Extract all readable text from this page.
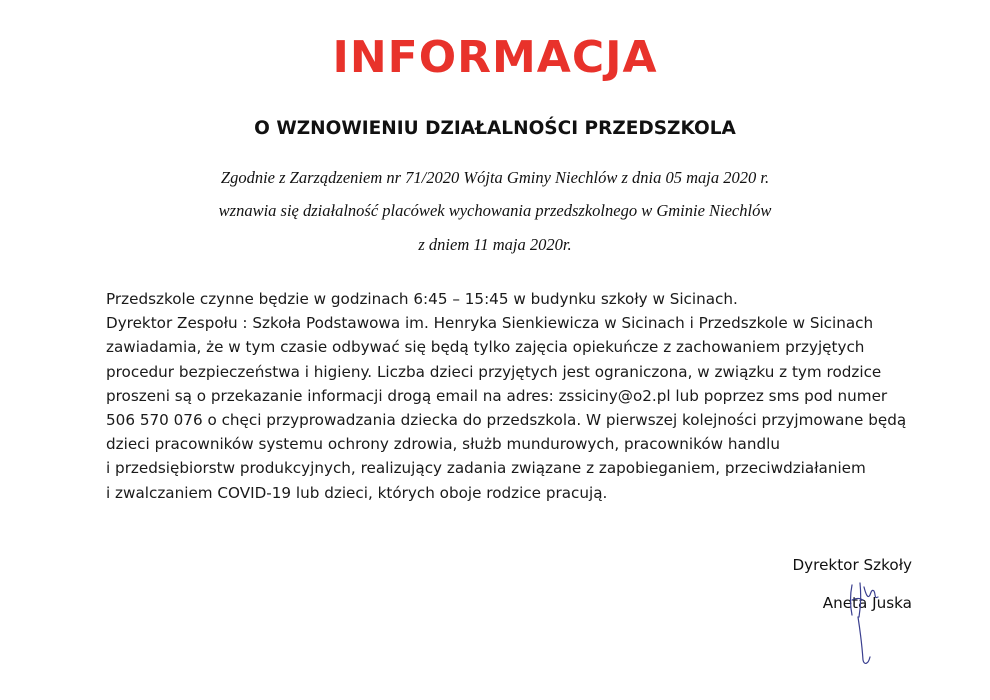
INFORMACJA
O WZNOWIENIU DZIAŁALNOŚCI PRZEDSZKOLA
Zgodnie z Zarządzeniem nr 71/2020 Wójta Gminy Niechlów z dnia 05 maja 2020 r.
wznawia się działalność placówek wychowania przedszkolnego w Gminie Niechlów
z dniem 11 maja 2020r.
Przedszkole czynne będzie w godzinach 6:45 – 15:45 w budynku szkoły w Sicinach.
Dyrektor Zespołu : Szkoła Podstawowa im. Henryka Sienkiewicza w Sicinach i Przedszkole w Sicinach
zawiadamia, że w tym czasie odbywać się będą tylko zajęcia opiekuńcze z zachowaniem przyjętych
procedur bezpieczeństwa i higieny. Liczba dzieci przyjętych jest ograniczona, w związku z tym rodzice
proszeni są o przekazanie informacji drogą email na adres: zssiciny@o2.pl lub poprzez sms pod numer
506 570 076 o chęci przyprowadzania dziecka do przedszkola. W pierwszej kolejności przyjmowane będą
dzieci pracowników systemu ochrony zdrowia, służb mundurowych, pracowników handlu
i przedsiębiorstw produkcyjnych, realizujący zadania związane z zapobieganiem, przeciwdziałaniem
i zwalczaniem COVID-19 lub dzieci, których oboje rodzice pracują.
Dyrektor Szkoły
Aneta Juska
